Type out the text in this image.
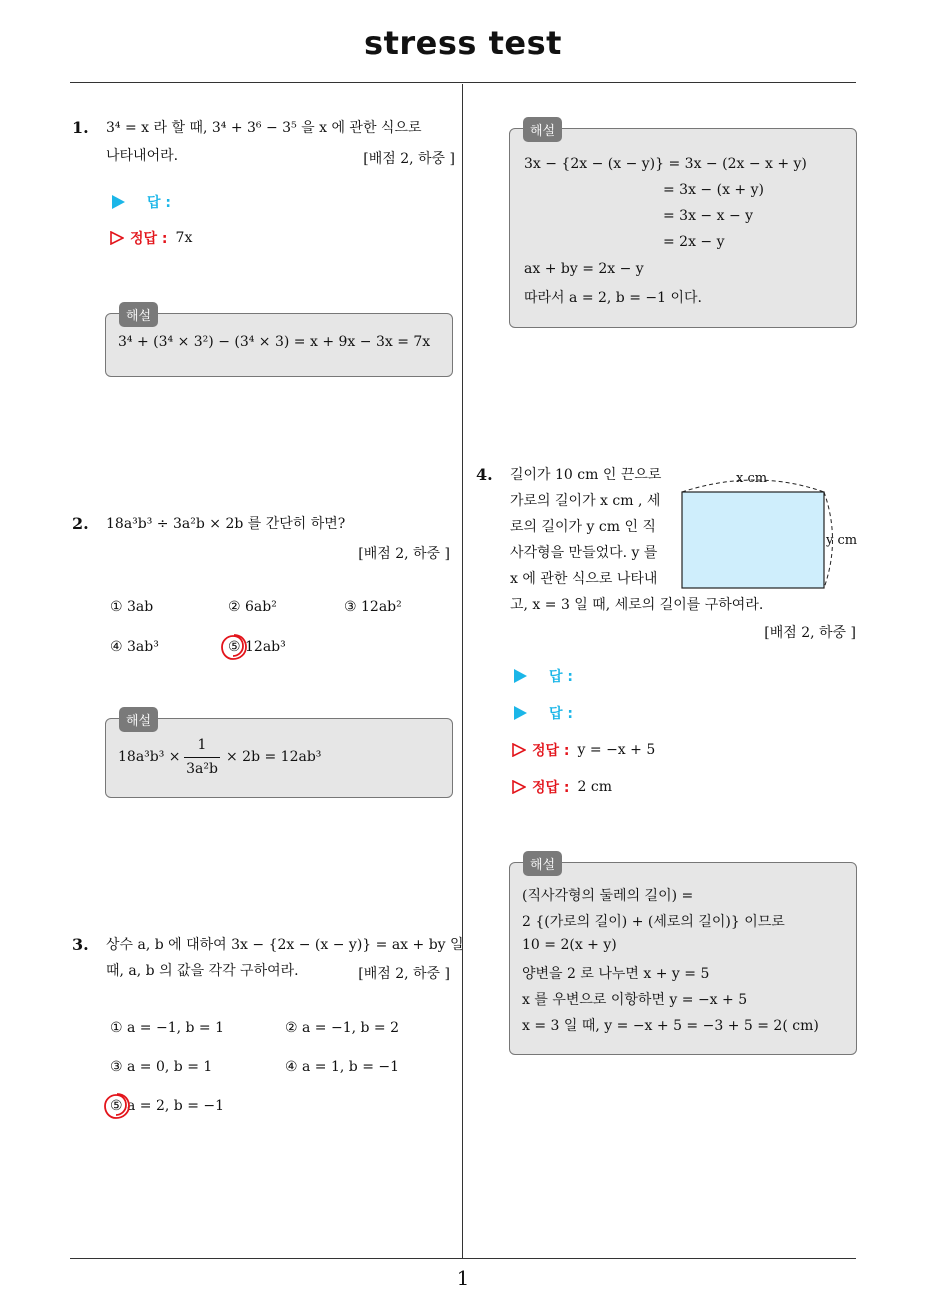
stress test
1. 3⁴ = x 라 할 때, 3⁴ + 3⁶ − 3⁵ 을 x 에 관한 식으로
나타내어라.	[배점 2, 하중 ]
답 :
정답 : 7x
3⁴ + (3⁴ × 3²) − (3⁴ × 3) = x + 9x − 3x = 7x
해설
2. 18a³b³ ÷ 3a²b × 2b 를 간단히 하면?
[배점 2, 하중 ]
① 3ab	② 6ab²	③ 12ab²
④ 3ab³	⑤ 12ab³
18a³b³ ×
1
3a²b
× 2b = 12ab³
해설
3. 상수 a, b 에 대하여 3x − {2x − (x − y)} = ax + by 일
때, a, b 의 값을 각각 구하여라.	[배점 2, 하중 ]
① a = −1, b = 1	② a = −1, b = 2
③ a = 0, b = 1	④ a = 1, b = −1
⑤ a = 2, b = −1
3x − {2x − (x − y)} = 3x − (2x − x + y)
= 3x − (x + y)
= 3x − x − y
= 2x − y
ax + by = 2x − y
따라서 a = 2, b = −1 이다.
해설
4. 길이가 10 cm 인 끈으로
가로의 길이가 x cm , 세
로의 길이가 y cm 인 직
사각형을 만들었다. y 를
x 에 관한 식으로 나타내
고, x = 3 일 때, 세로의 길이를 구하여라.
[배점 2, 하중 ]
x cm
y cm
답 :
답 :
정답 : y = −x + 5
정답 : 2 cm
(직사각형의 둘레의 길이) =
2 {(가로의 길이) + (세로의 길이)} 이므로
10 = 2(x + y)
양변을 2 로 나누면 x + y = 5
x 를 우변으로 이항하면 y = −x + 5
x = 3 일 때, y = −x + 5 = −3 + 5 = 2( cm)
해설
1
